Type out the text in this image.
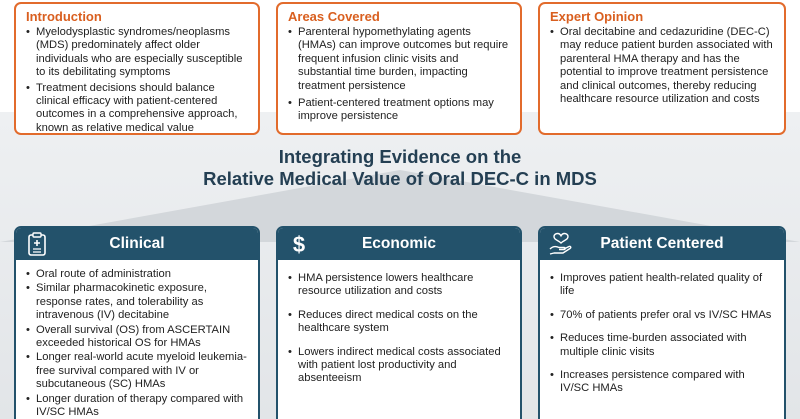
Introduction
• Myelodysplastic syndromes/neoplasms (MDS) predominately affect older individuals who are especially susceptible to its debilitating symptoms
• Treatment decisions should balance clinical efficacy with patient-centered outcomes in a comprehensive approach, known as relative medical value
Areas Covered
• Parenteral hypomethylating agents (HMAs) can improve outcomes but require frequent infusion clinic visits and substantial time burden, impacting treatment persistence
• Patient-centered treatment options may improve persistence
Expert Opinion
• Oral decitabine and cedazuridine (DEC-C) may reduce patient burden associated with parenteral HMA therapy and has the potential to improve treatment persistence and clinical outcomes, thereby reducing healthcare resource utilization and costs
Integrating Evidence on the
Relative Medical Value of Oral DEC-C in MDS
Clinical
• Oral route of administration
• Similar pharmacokinetic exposure, response rates, and tolerability as intravenous (IV) decitabine
• Overall survival (OS) from ASCERTAIN exceeded historical OS for HMAs
• Longer real-world acute myeloid leukemia-free survival compared with IV or subcutaneous (SC) HMAs
• Longer duration of therapy compared with IV/SC HMAs
$	Economic
• HMA persistence lowers healthcare resource utilization and costs
• Reduces direct medical costs on the healthcare system
• Lowers indirect medical costs associated with patient lost productivity and absenteeism
Patient Centered
• Improves patient health-related quality of life
• 70% of patients prefer oral vs IV/SC HMAs
• Reduces time-burden associated with multiple clinic visits
• Increases persistence compared with IV/SC HMAs
